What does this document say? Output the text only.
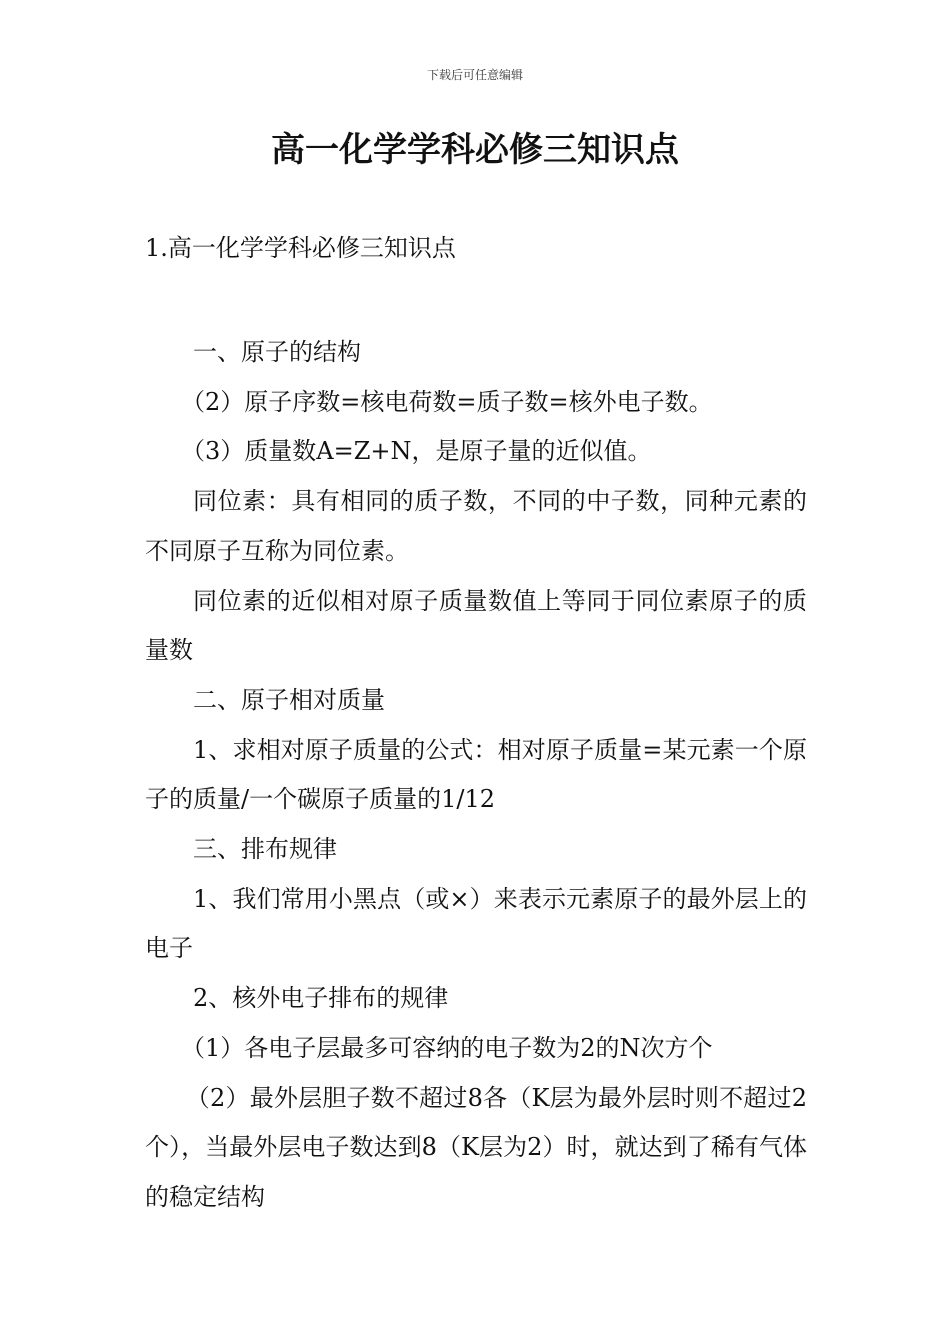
下载后可任意编辑
高一化学学科必修三知识点
1.高一化学学科必修三知识点

一、原子的结构

（2）原子序数=核电荷数=质子数=核外电子数。

（3）质量数A=Z+N，是原子量的近似值。

同位素：具有相同的质子数，不同的中子数，同种元素的不同原子互称为同位素。

同位素的近似相对原子质量数值上等同于同位素原子的质量数

二、原子相对质量

1、求相对原子质量的公式：相对原子质量=某元素一个原子的质量/一个碳原子质量的1/12

三、排布规律

1、我们常用小黑点（或×）来表示元素原子的最外层上的电子

2、核外电子排布的规律

（1）各电子层最多可容纳的电子数为2的N次方个

（2）最外层胆子数不超过8各（K层为最外层时则不超过2个），当最外层电子数达到8（K层为2）时，就达到了稀有气体的稳定结构
